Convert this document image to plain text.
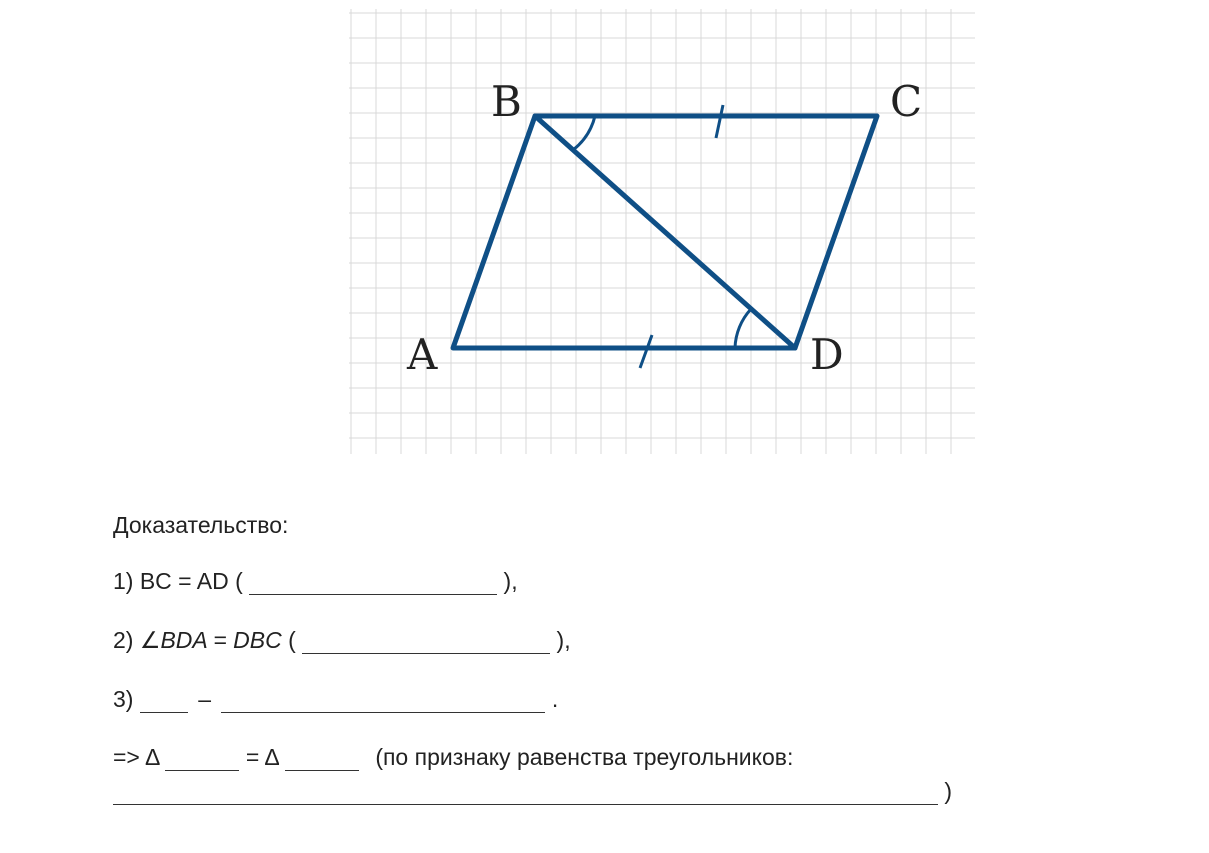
B	C
A	D
Доказательство:
1) BC = AD (	),
2) ∠BDA = DBC (	),
3)	–	.
=> Δ	= Δ	(по признаку равенства треугольников:
)
